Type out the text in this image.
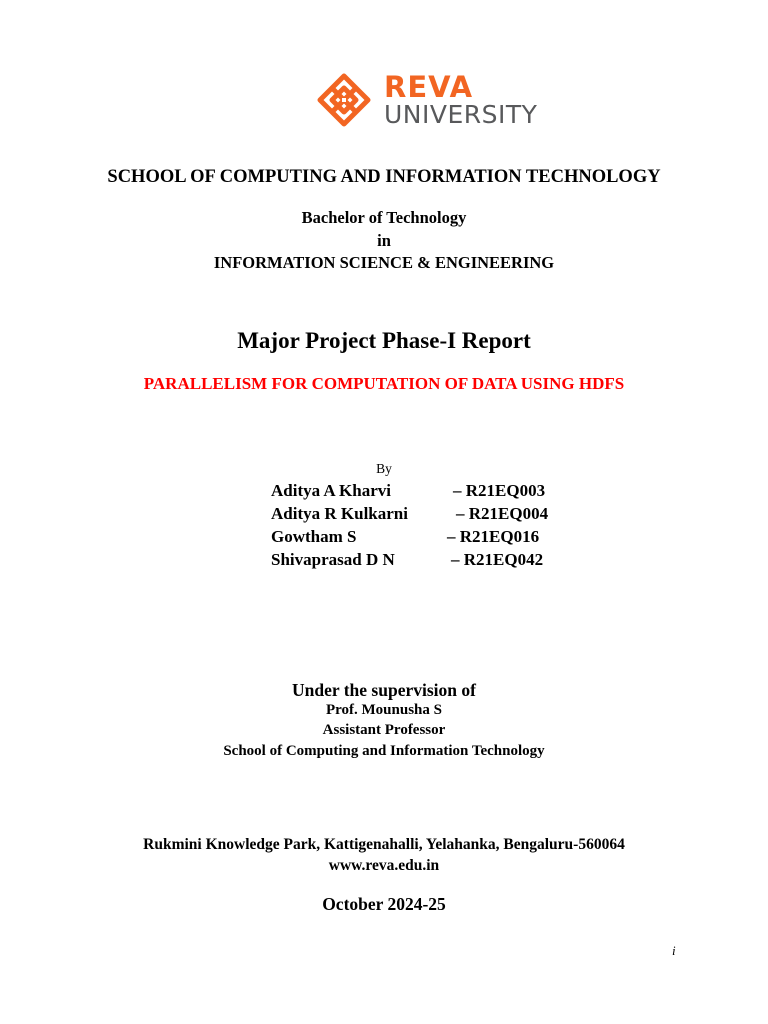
REVA
UNIVERSITY
SCHOOL OF COMPUTING AND INFORMATION TECHNOLOGY
Bachelor of Technology
in
INFORMATION SCIENCE & ENGINEERING
Major Project Phase-I Report
PARALLELISM FOR COMPUTATION OF DATA USING HDFS
By
Aditya A Kharvi	– R21EQ003
Aditya R Kulkarni	– R21EQ004
Gowtham S	– R21EQ016
Shivaprasad D N	– R21EQ042
Under the supervision of
Prof. Mounusha S
Assistant Professor
School of Computing and Information Technology
Rukmini Knowledge Park, Kattigenahalli, Yelahanka, Bengaluru-560064
www.reva.edu.in
October 2024-25
i
